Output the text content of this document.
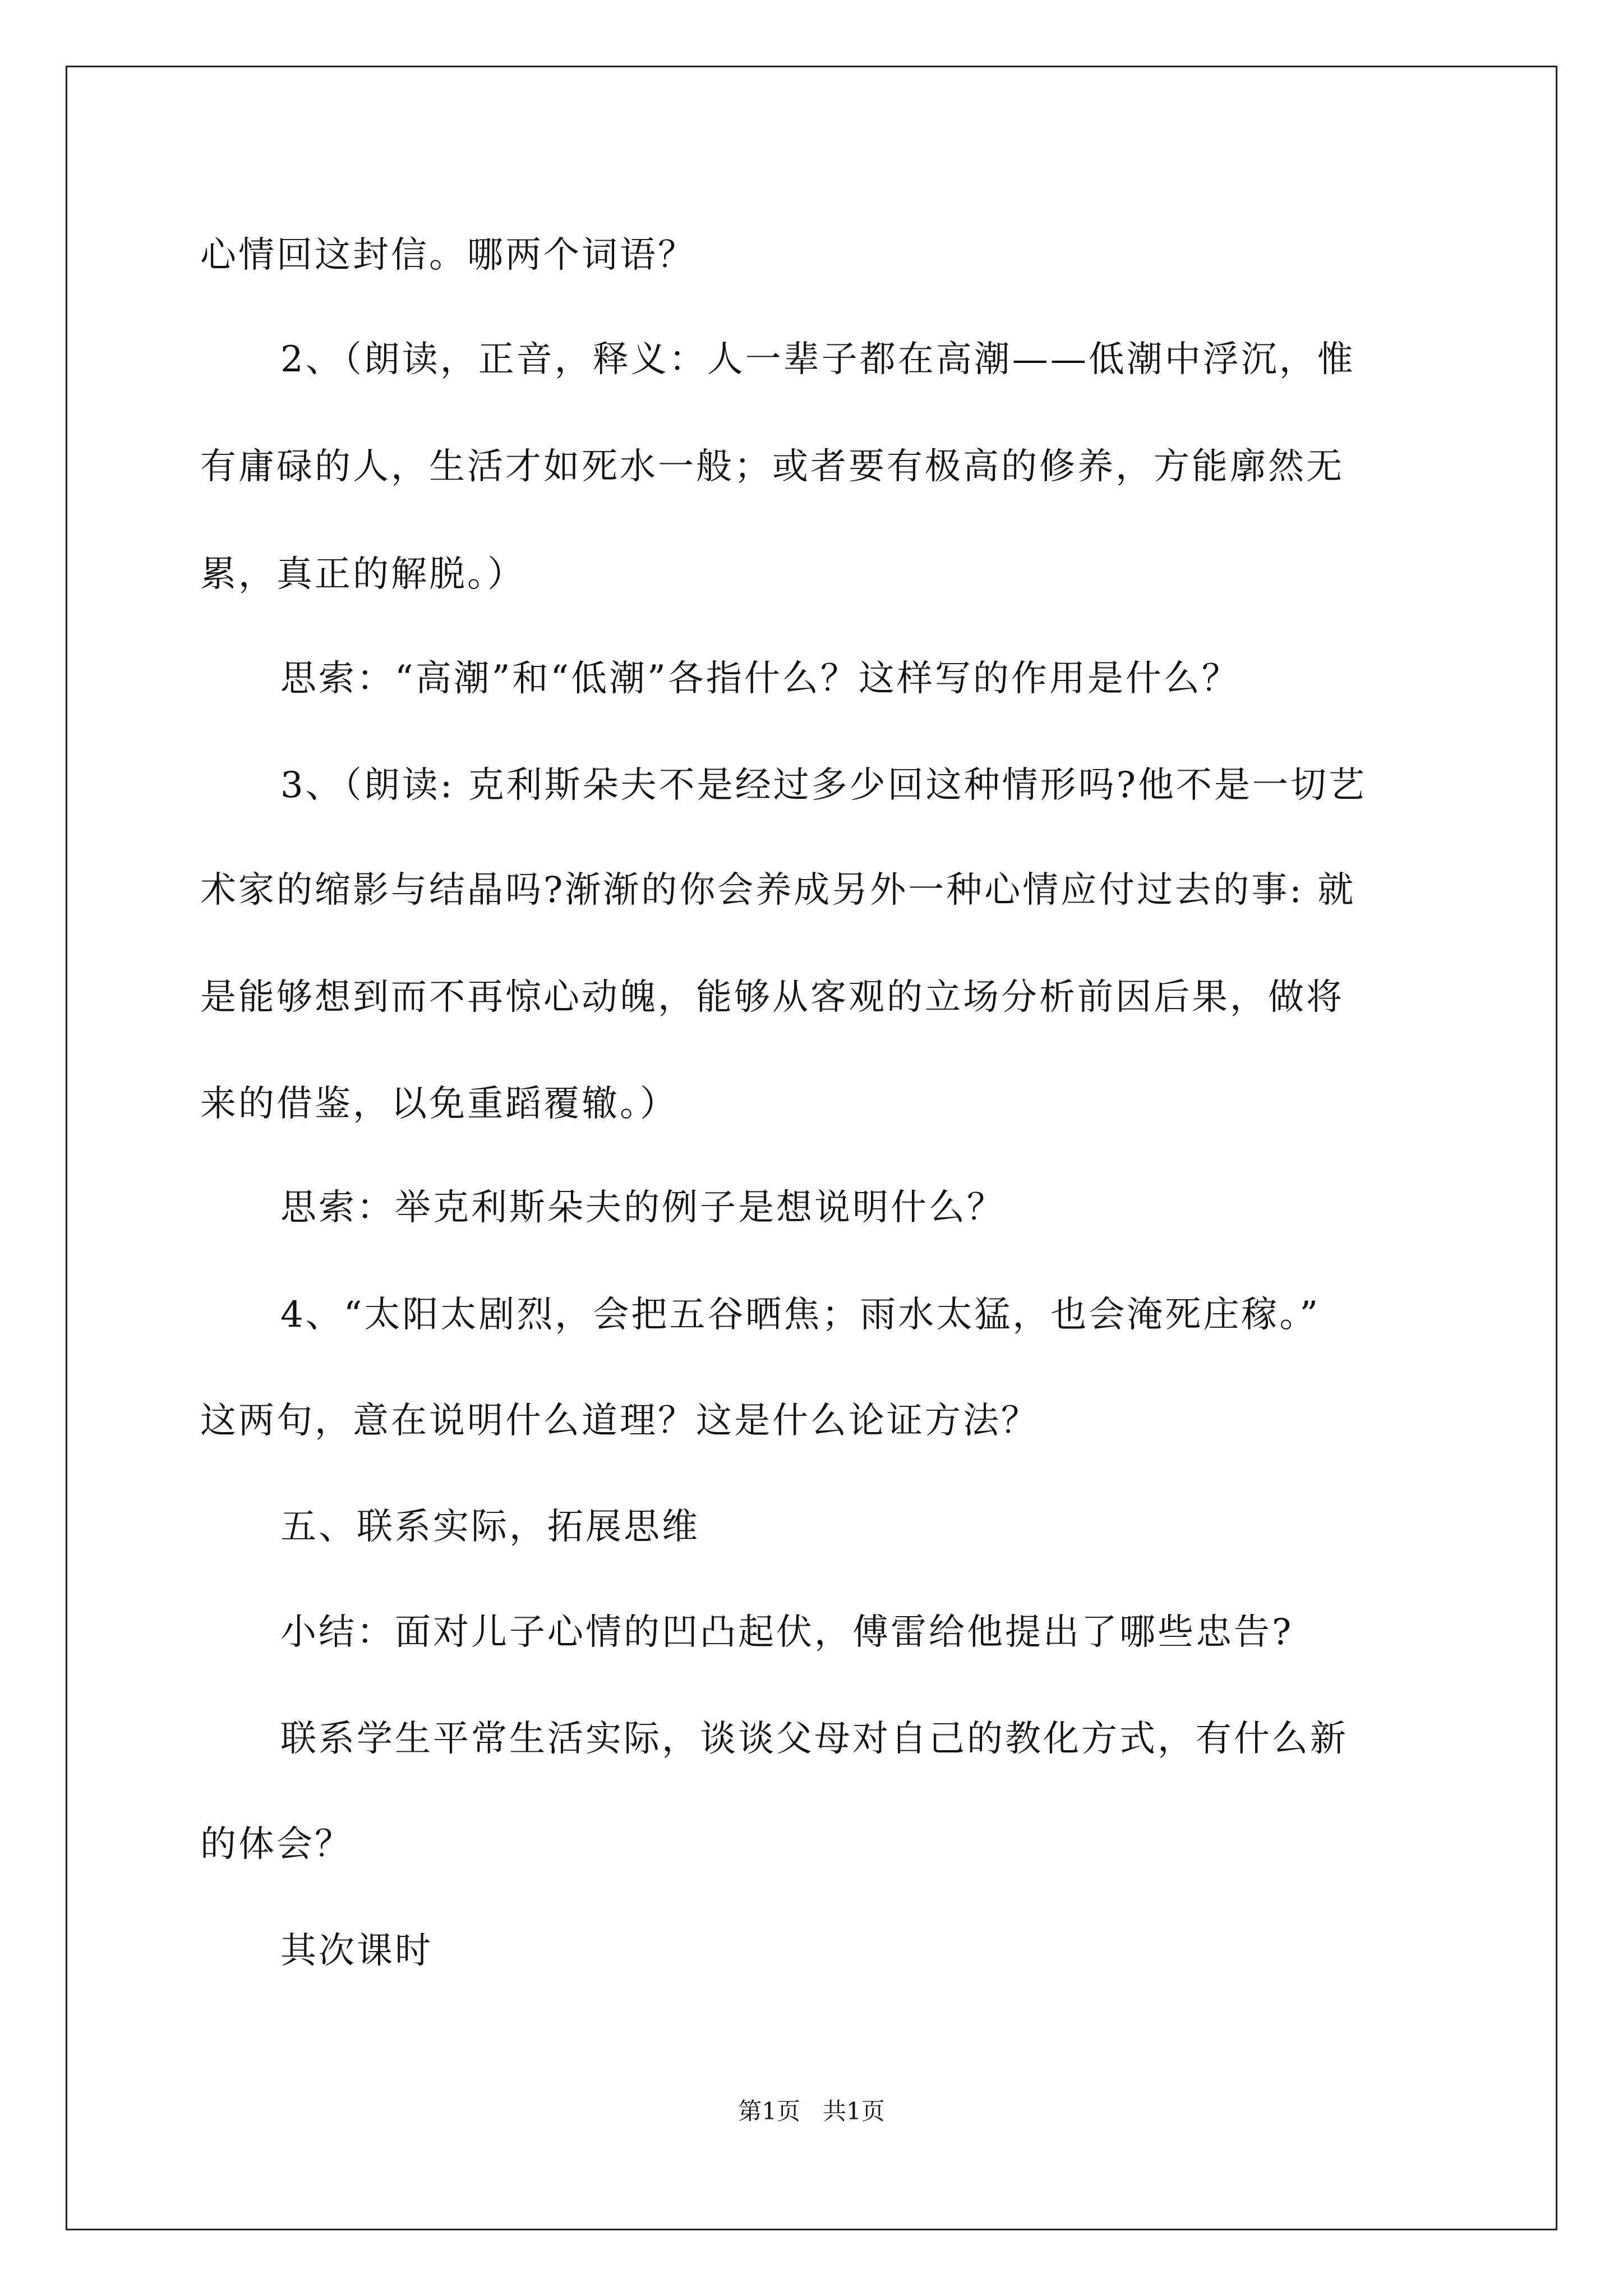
心情回这封信。哪两个词语？
2、（朗读，正音，释义：人一辈子都在高潮——低潮中浮沉，惟
有庸碌的人，生活才如死水一般；或者要有极高的修养，方能廓然无
累，真正的解脱。）
思索：“高潮”和“低潮”各指什么？这样写的作用是什么？
3、（朗读: 克利斯朵夫不是经过多少回这种情形吗?他不是一切艺
术家的缩影与结晶吗?渐渐的你会养成另外一种心情应付过去的事: 就
是能够想到而不再惊心动魄，能够从客观的立场分析前因后果，做将
来的借鉴，以免重蹈覆辙。）
思索：举克利斯朵夫的例子是想说明什么？
4、“太阳太剧烈，会把五谷晒焦；雨水太猛，也会淹死庄稼。”
这两句，意在说明什么道理？这是什么论证方法？
五、联系实际，拓展思维
小结：面对儿子心情的凹凸起伏，傅雷给他提出了哪些忠告?
联系学生平常生活实际，谈谈父母对自己的教化方式，有什么新
的体会？
其次课时
第1页   共1页
